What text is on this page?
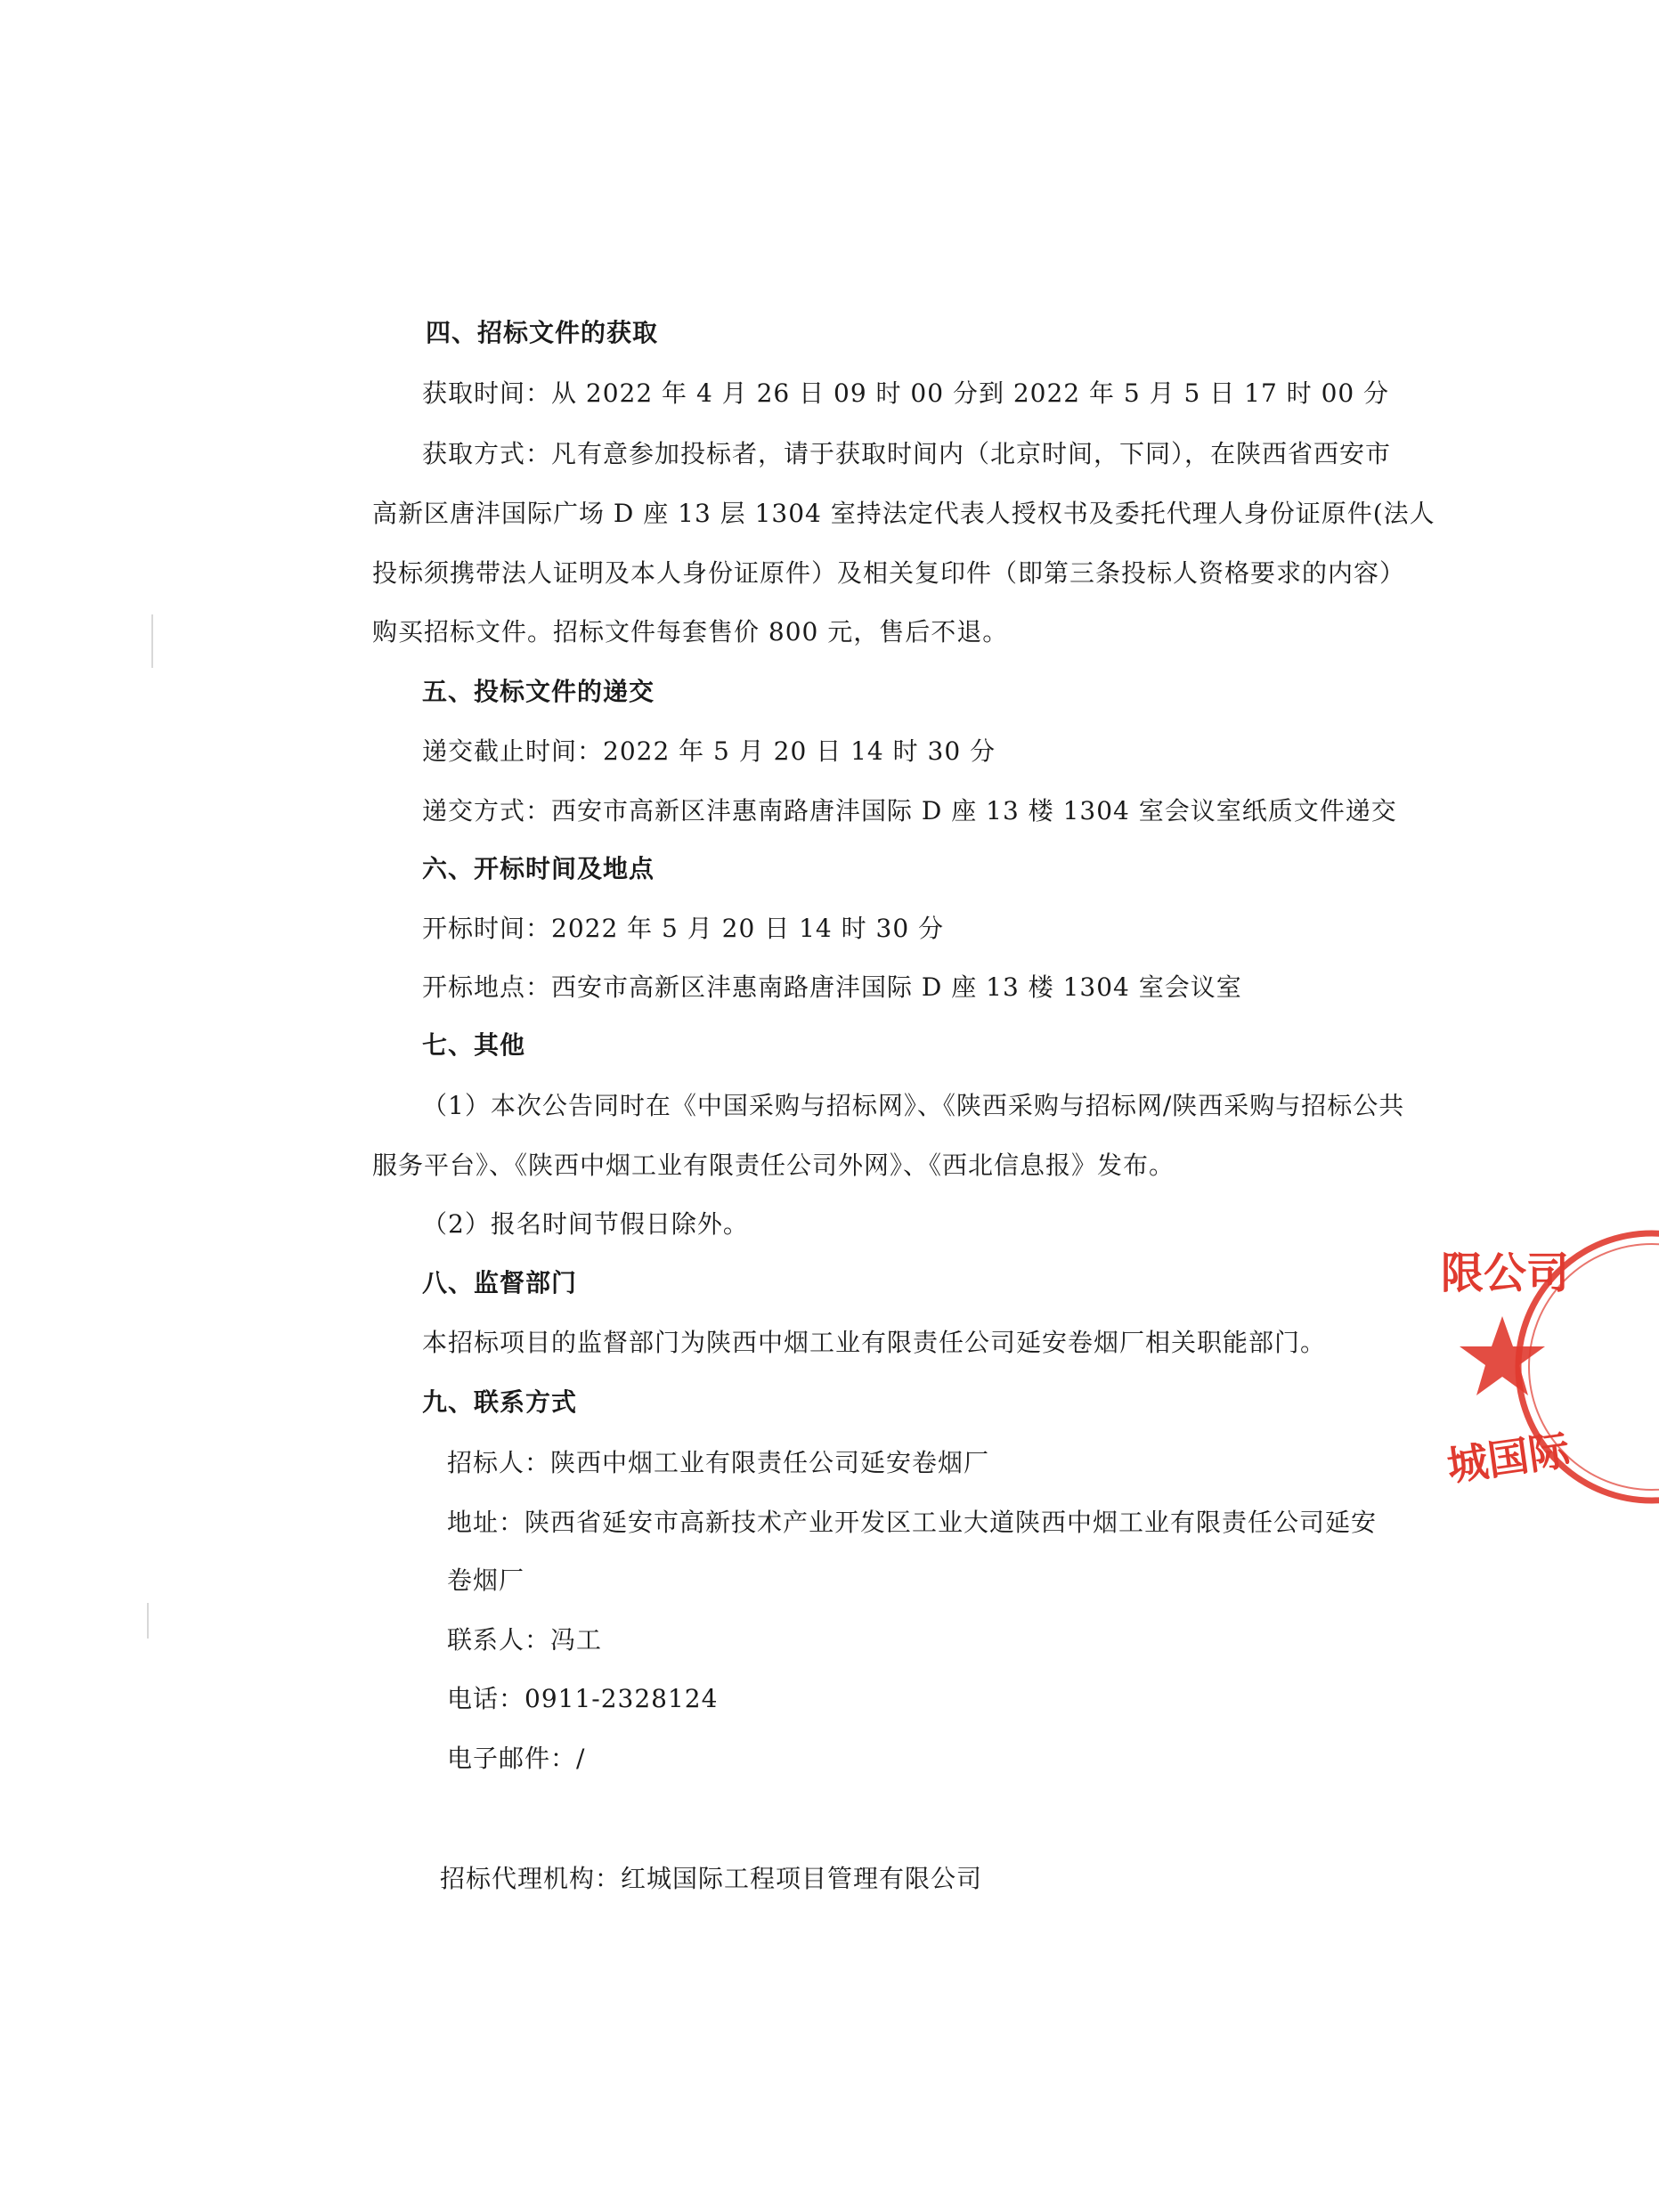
四、招标文件的获取
获取时间：从 2022 年 4 月 26 日 09 时 00 分到 2022 年 5 月 5 日 17 时 00 分
获取方式：凡有意参加投标者，请于获取时间内（北京时间，下同），在陕西省西安市
高新区唐沣国际广场 D 座 13 层 1304 室持法定代表人授权书及委托代理人身份证原件(法人
投标须携带法人证明及本人身份证原件）及相关复印件（即第三条投标人资格要求的内容）
购买招标文件。招标文件每套售价 800 元，售后不退。
五、投标文件的递交
递交截止时间：2022 年 5 月 20 日 14 时 30 分
递交方式：西安市高新区沣惠南路唐沣国际 D 座 13 楼 1304 室会议室纸质文件递交
六、开标时间及地点
开标时间：2022 年 5 月 20 日 14 时 30 分
开标地点：西安市高新区沣惠南路唐沣国际 D 座 13 楼 1304 室会议室
七、其他
（1）本次公告同时在《中国采购与招标网》、《陕西采购与招标网/陕西采购与招标公共
服务平台》、《陕西中烟工业有限责任公司外网》、《西北信息报》发布。
（2）报名时间节假日除外。
八、监督部门
本招标项目的监督部门为陕西中烟工业有限责任公司延安卷烟厂相关职能部门。
九、联系方式
招标人：陕西中烟工业有限责任公司延安卷烟厂
地址：陕西省延安市高新技术产业开发区工业大道陕西中烟工业有限责任公司延安
卷烟厂
联系人：冯工
电话：0911-2328124
电子邮件：/
招标代理机构：红城国际工程项目管理有限公司
限公司
城国际
